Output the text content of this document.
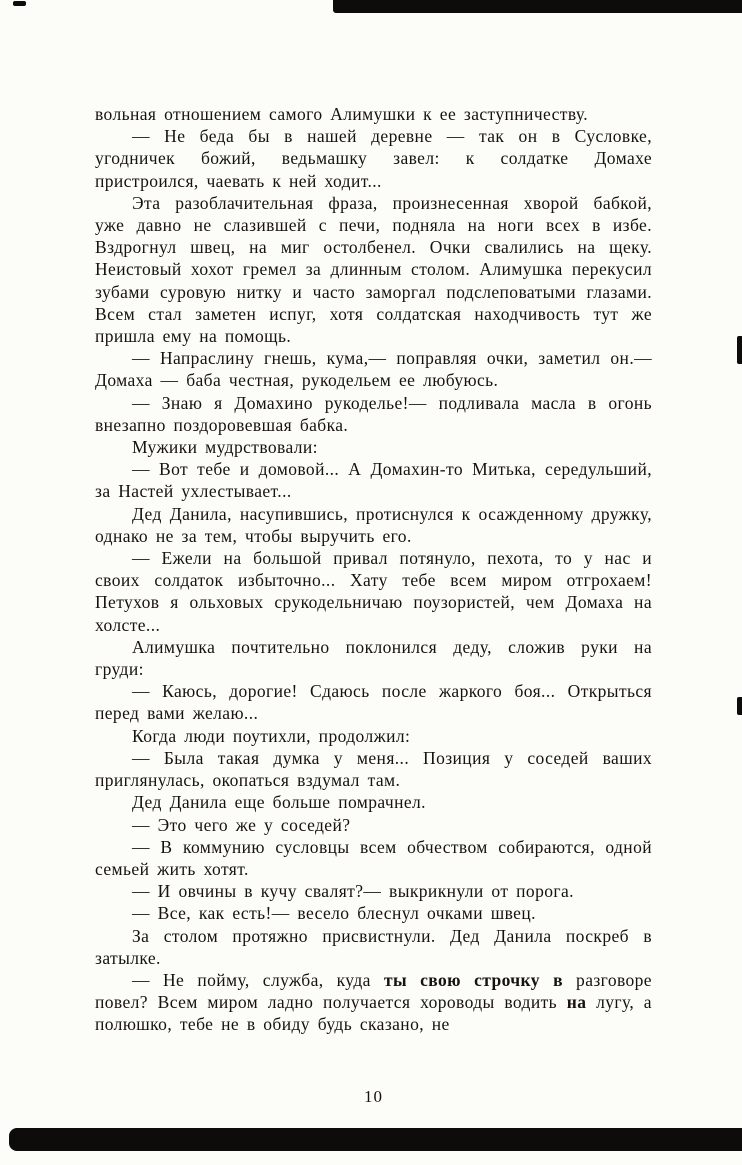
вольная отношением самого Алимушки к ее заступничеству.

— Не беда бы в нашей деревне — так он в Сусловке, угодничек божий, ведьмашку завел: к солдатке Домахе пристроился, чаевать к ней ходит...

Эта разоблачительная фраза, произнесенная хворой бабкой, уже давно не слазившей с печи, подняла на ноги всех в избе. Вздрогнул швец, на миг остолбенел. Очки свалились на щеку. Неистовый хохот гремел за длинным столом. Алимушка перекусил зубами суровую нитку и часто заморгал подслеповатыми глазами. Всем стал заметен испуг, хотя солдатская находчивость тут же пришла ему на помощь.

— Напраслину гнешь, кума,— поправляя очки, заметил он.— Домаха — баба честная, рукодельем ее любуюсь.

— Знаю я Домахино рукоделье!— подливала масла в огонь внезапно поздоровевшая бабка.

Мужики мудрствовали:

— Вот тебе и домовой... А Домахин-то Митька, середульший, за Настей ухлестывает...

Дед Данила, насупившись, протиснулся к осажденному дружку, однако не за тем, чтобы выручить его.

— Ежели на большой привал потянуло, пехота, то у нас и своих солдаток избыточно... Хату тебе всем миром отгрохаем! Петухов я ольховых срукодельничаю поузористей, чем Домаха на холсте...

Алимушка почтительно поклонился деду, сложив руки на груди:

— Каюсь, дорогие! Сдаюсь после жаркого боя... Открыться перед вами желаю...

Когда люди поутихли, продолжил:

— Была такая думка у меня... Позиция у соседей ваших приглянулась, окопаться вздумал там.

Дед Данила еще больше помрачнел.

— Это чего же у соседей?

— В коммунию сусловцы всем обчеством собираются, одной семьей жить хотят.

— И овчины в кучу свалят?— выкрикнули от порога.

— Все, как есть!— весело блеснул очками швец.

За столом протяжно присвистнули. Дед Данила поскреб в затылке.

— Не пойму, служба, куда ты свою строчку в разговоре повел? Всем миром ладно получается хороводы водить на лугу, а полюшко, тебе не в обиду будь сказано, не

10
